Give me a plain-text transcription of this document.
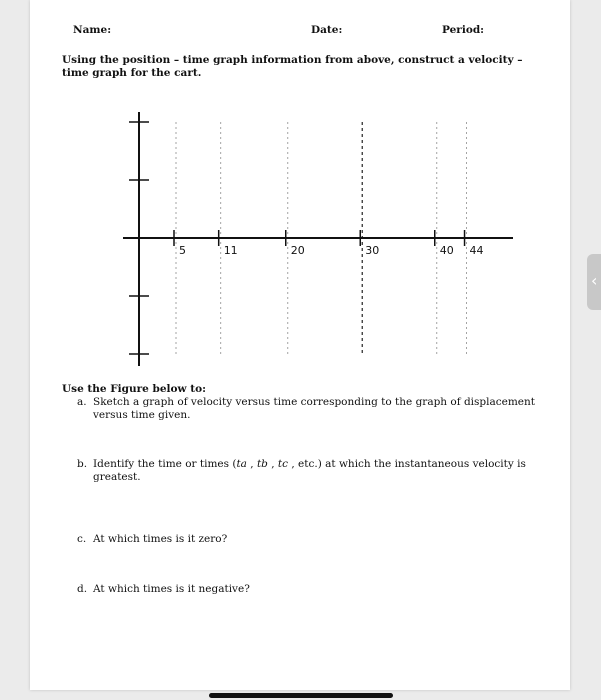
Name:	Date:	Period:
Using the position – time graph information from above, construct a velocity – time graph for the cart.
5	11	20	30	40 44
Use the Figure below to:
a. Sketch a graph of velocity versus time corresponding to the graph of displacement
versus time given.
b. Identify the time or times (ta , tb , tc , etc.) at which the instantaneous velocity is
greatest.
c. At which times is it zero?
d. At which times is it negative?
‹
